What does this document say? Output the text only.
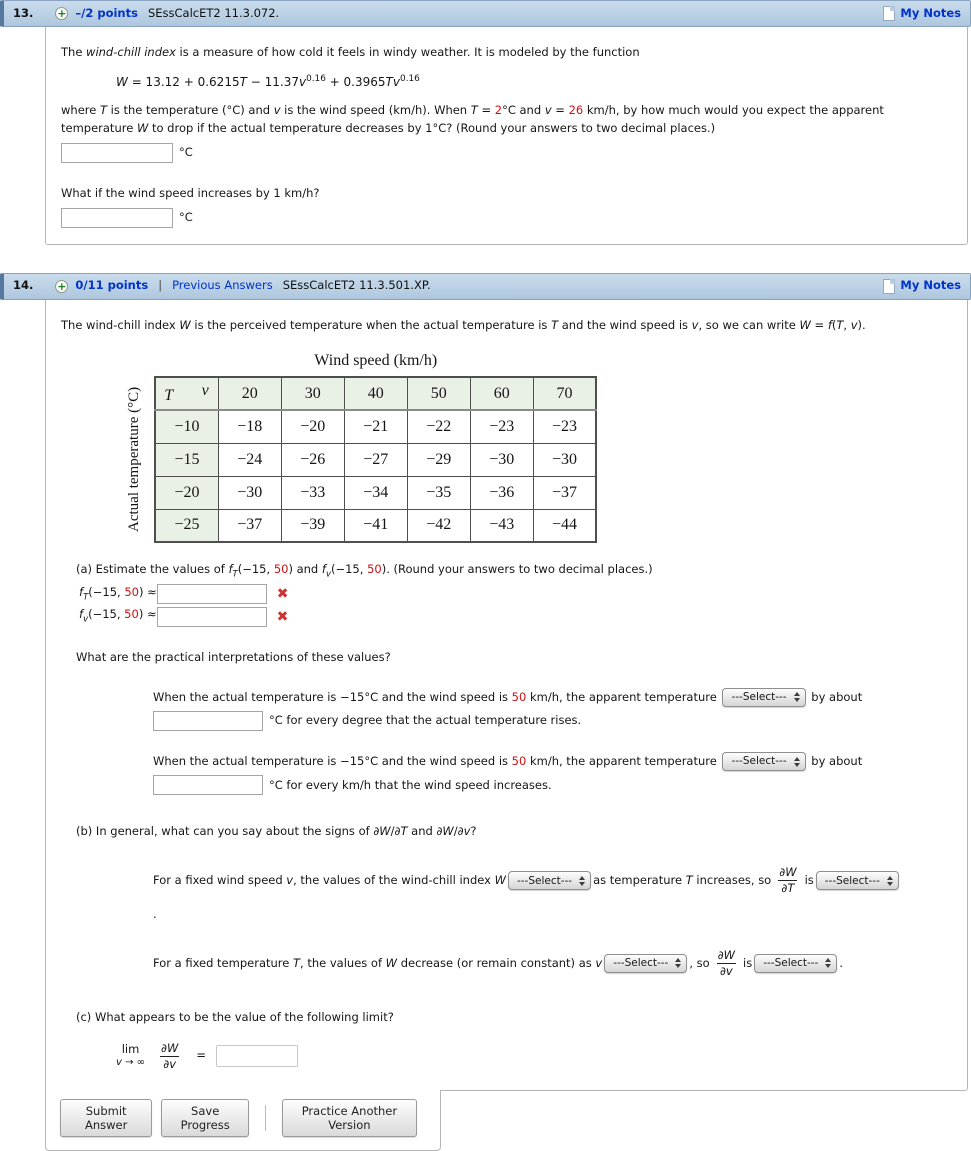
13. + –/2 points SEssCalcET2 11.3.072.	My Notes

The wind-chill index is a measure of how cold it feels in windy weather. It is modeled by the function

$W = 13.12 + 0.6215T - 11.37v^{0.16} + 0.3965Tv^{0.16}$

where T is the temperature (°C) and v is the wind speed (km/h). When T = 2°C and v = 26 km/h, by how much would you expect the apparent temperature W to drop if the actual temperature decreases by 1°C? (Round your answers to two decimal places.)

°C

What if the wind speed increases by 1 km/h?

°C
14. + 0/11 points | Previous Answers SEssCalcET2 11.3.501.XP.	My Notes

The wind-chill index W is the perceived temperature when the actual temperature is T and the wind speed is v, so we can write W = f(T, v).

Wind speed (km/h)
Actual temperature (°C)	v
T	20	30	40	50	60	70
−10	−18	−20	−21	−22	−23	−23
−15	−24	−26	−27	−29	−30	−30
−20	−30	−33	−34	−35	−36	−37
−25	−37	−39	−41	−42	−43	−44
(a) Estimate the values of $f_T(-15$, 50) and $f_v(-15$, 50). (Round your answers to two decimal places.)
$f_T(-15$, 50) ≈	✖
$f_v(-15$, 50) ≈	✖
What are the practical interpretations of these values?
When the actual temperature is −15°C and the wind speed is 50 km/h, the apparent temperature ---Select--- by about
°C for every degree that the actual temperature rises.
When the actual temperature is −15°C and the wind speed is 50 km/h, the apparent temperature ---Select--- by about
°C for every km/h that the wind speed increases.
(b) In general, what can you say about the signs of ∂W/∂T and ∂W/∂v?
For a fixed wind speed v, the values of the wind-chill index W ---Select--- as temperature T increases, so $\frac{\partial W}{\partial T}$ is ---Select---
.
For a fixed temperature T, the values of W decrease (or remain constant) as v ---Select--- , so $\frac{\partial W}{\partial v}$ is ---Select--- .
(c) What appears to be the value of the following limit?
lim
v → ∞ $\frac{\partial W}{\partial v}$ =
Submit Answer
Save Progress
Practice Another Version
